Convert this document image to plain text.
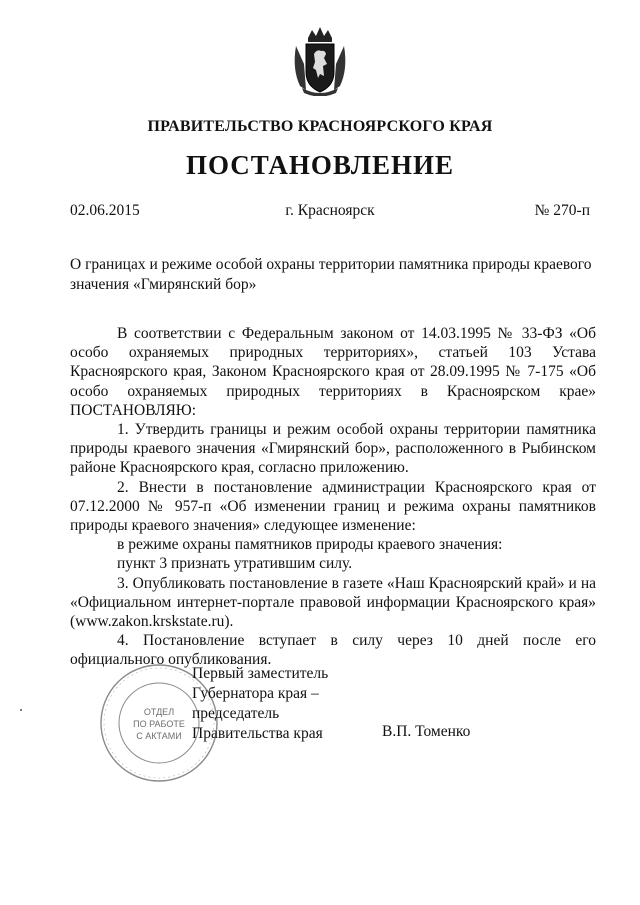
ПРАВИТЕЛЬСТВО КРАСНОЯРСКОГО КРАЯ
ПОСТАНОВЛЕНИЕ
г. Красноярск
02.06.2015	№ 270-п
О границах и режиме особой охраны территории памятника природы краевого значения «Гмирянский бор»

В соответствии с Федеральным законом от 14.03.1995 № 33-ФЗ «Об особо охраняемых природных территориях», статьей 103 Устава Красноярского края, Законом Красноярского края от 28.09.1995 № 7-175 «Об особо охраняемых природных территориях в Красноярском крае» ПОСТАНОВЛЯЮ:

1. Утвердить границы и режим особой охраны территории памятника природы краевого значения «Гмирянский бор», расположенного в Рыбинском районе Красноярского края, согласно приложению.

2. Внести в постановление администрации Красноярского края от 07.12.2000 № 957-п «Об изменении границ и режима охраны памятников природы краевого значения» следующее изменение:

в режиме охраны памятников природы краевого значения:

пункт 3 признать утратившим силу.

3. Опубликовать постановление в газете «Наш Красноярский край» и на «Официальном интернет-портале правовой информации Красноярского края» (www.zakon.krskstate.ru).

4. Постановление вступает в силу через 10 дней после его официального опубликования.

ОТДЕЛ
ПО РАБОТЕ
С АКТАМИ
Первый заместитель
Губернатора края –
председатель
Правительства края	В.П. Томенко
